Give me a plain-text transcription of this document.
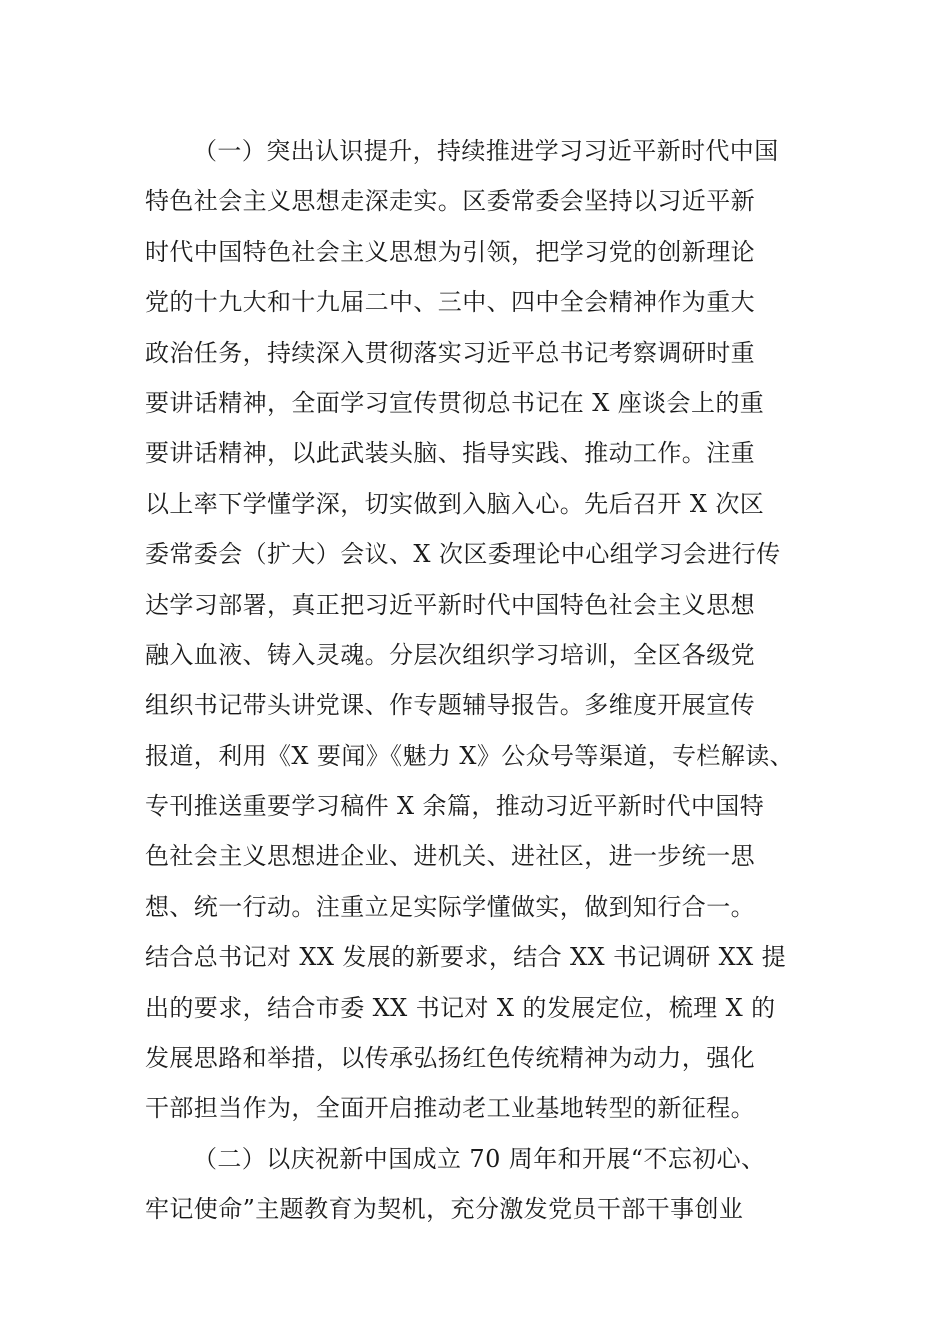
（一）突出认识提升，持续推进学习习近平新时代中国
特色社会主义思想走深走实。区委常委会坚持以习近平新
时代中国特色社会主义思想为引领，把学习党的创新理论
党的十九大和十九届二中、三中、四中全会精神作为重大
政治任务，持续深入贯彻落实习近平总书记考察调研时重
要讲话精神，全面学习宣传贯彻总书记在 X 座谈会上的重
要讲话精神，以此武装头脑、指导实践、推动工作。注重
以上率下学懂学深，切实做到入脑入心。先后召开 X 次区
委常委会（扩大）会议、X 次区委理论中心组学习会进行传
达学习部署，真正把习近平新时代中国特色社会主义思想
融入血液、铸入灵魂。分层次组织学习培训，全区各级党
组织书记带头讲党课、作专题辅导报告。多维度开展宣传
报道，利用《X 要闻》《魅力 X》公众号等渠道，专栏解读、
专刊推送重要学习稿件 X 余篇，推动习近平新时代中国特
色社会主义思想进企业、进机关、进社区，进一步统一思
想、统一行动。注重立足实际学懂做实，做到知行合一。
结合总书记对 XX 发展的新要求，结合 XX 书记调研 XX 提
出的要求，结合市委 XX 书记对 X 的发展定位，梳理 X 的
发展思路和举措，以传承弘扬红色传统精神为动力，强化
干部担当作为，全面开启推动老工业基地转型的新征程。
（二）以庆祝新中国成立 70 周年和开展“不忘初心、
牢记使命”主题教育为契机，充分激发党员干部干事创业
